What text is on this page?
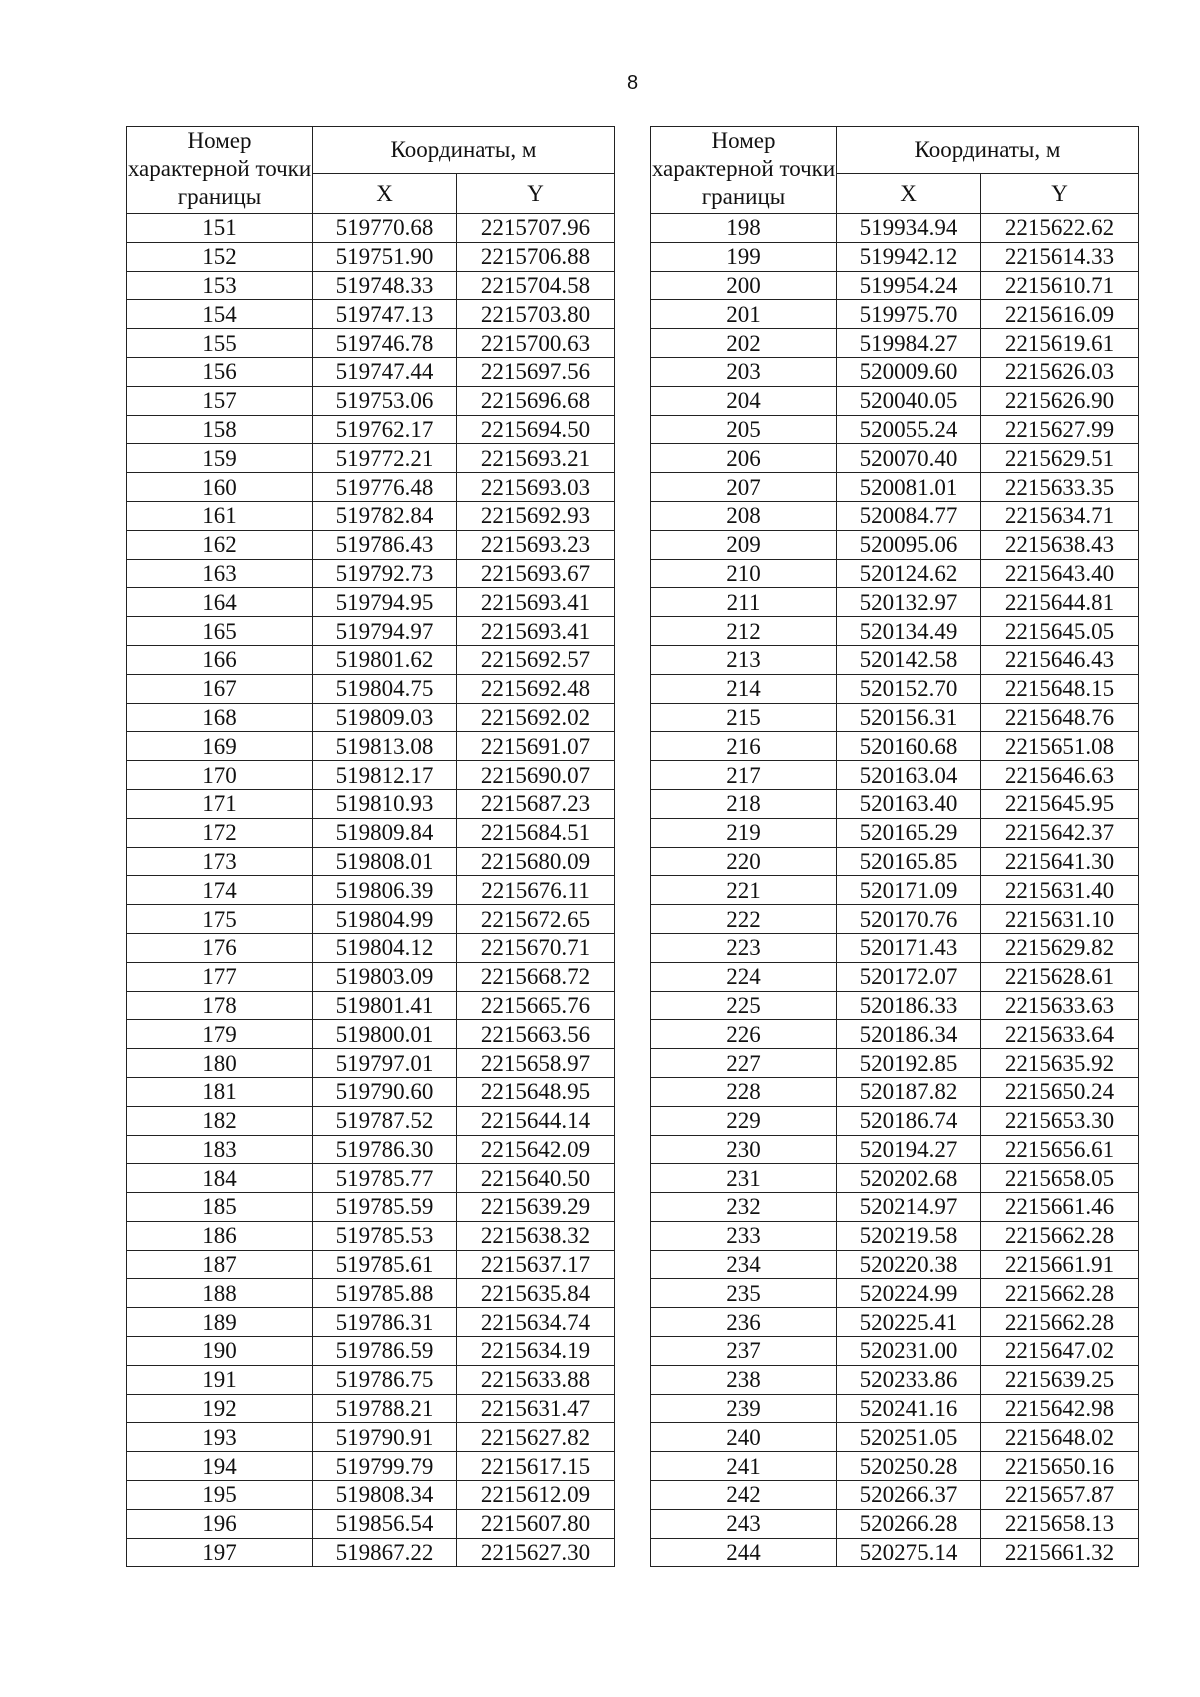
8
Номер характерной точки границы	Координаты, м	
	X	Y
151	519770.68	2215707.96
152	519751.90	2215706.88
153	519748.33	2215704.58
154	519747.13	2215703.80
155	519746.78	2215700.63
156	519747.44	2215697.56
157	519753.06	2215696.68
158	519762.17	2215694.50
159	519772.21	2215693.21
160	519776.48	2215693.03
161	519782.84	2215692.93
162	519786.43	2215693.23
163	519792.73	2215693.67
164	519794.95	2215693.41
165	519794.97	2215693.41
166	519801.62	2215692.57
167	519804.75	2215692.48
168	519809.03	2215692.02
169	519813.08	2215691.07
170	519812.17	2215690.07
171	519810.93	2215687.23
172	519809.84	2215684.51
173	519808.01	2215680.09
174	519806.39	2215676.11
175	519804.99	2215672.65
176	519804.12	2215670.71
177	519803.09	2215668.72
178	519801.41	2215665.76
179	519800.01	2215663.56
180	519797.01	2215658.97
181	519790.60	2215648.95
182	519787.52	2215644.14
183	519786.30	2215642.09
184	519785.77	2215640.50
185	519785.59	2215639.29
186	519785.53	2215638.32
187	519785.61	2215637.17
188	519785.88	2215635.84
189	519786.31	2215634.74
190	519786.59	2215634.19
191	519786.75	2215633.88
192	519788.21	2215631.47
193	519790.91	2215627.82
194	519799.79	2215617.15
195	519808.34	2215612.09
196	519856.54	2215607.80
197	519867.22	2215627.30
Номер характерной точки границы	Координаты, м	
	X	Y
198	519934.94	2215622.62
199	519942.12	2215614.33
200	519954.24	2215610.71
201	519975.70	2215616.09
202	519984.27	2215619.61
203	520009.60	2215626.03
204	520040.05	2215626.90
205	520055.24	2215627.99
206	520070.40	2215629.51
207	520081.01	2215633.35
208	520084.77	2215634.71
209	520095.06	2215638.43
210	520124.62	2215643.40
211	520132.97	2215644.81
212	520134.49	2215645.05
213	520142.58	2215646.43
214	520152.70	2215648.15
215	520156.31	2215648.76
216	520160.68	2215651.08
217	520163.04	2215646.63
218	520163.40	2215645.95
219	520165.29	2215642.37
220	520165.85	2215641.30
221	520171.09	2215631.40
222	520170.76	2215631.10
223	520171.43	2215629.82
224	520172.07	2215628.61
225	520186.33	2215633.63
226	520186.34	2215633.64
227	520192.85	2215635.92
228	520187.82	2215650.24
229	520186.74	2215653.30
230	520194.27	2215656.61
231	520202.68	2215658.05
232	520214.97	2215661.46
233	520219.58	2215662.28
234	520220.38	2215661.91
235	520224.99	2215662.28
236	520225.41	2215662.28
237	520231.00	2215647.02
238	520233.86	2215639.25
239	520241.16	2215642.98
240	520251.05	2215648.02
241	520250.28	2215650.16
242	520266.37	2215657.87
243	520266.28	2215658.13
244	520275.14	2215661.32
